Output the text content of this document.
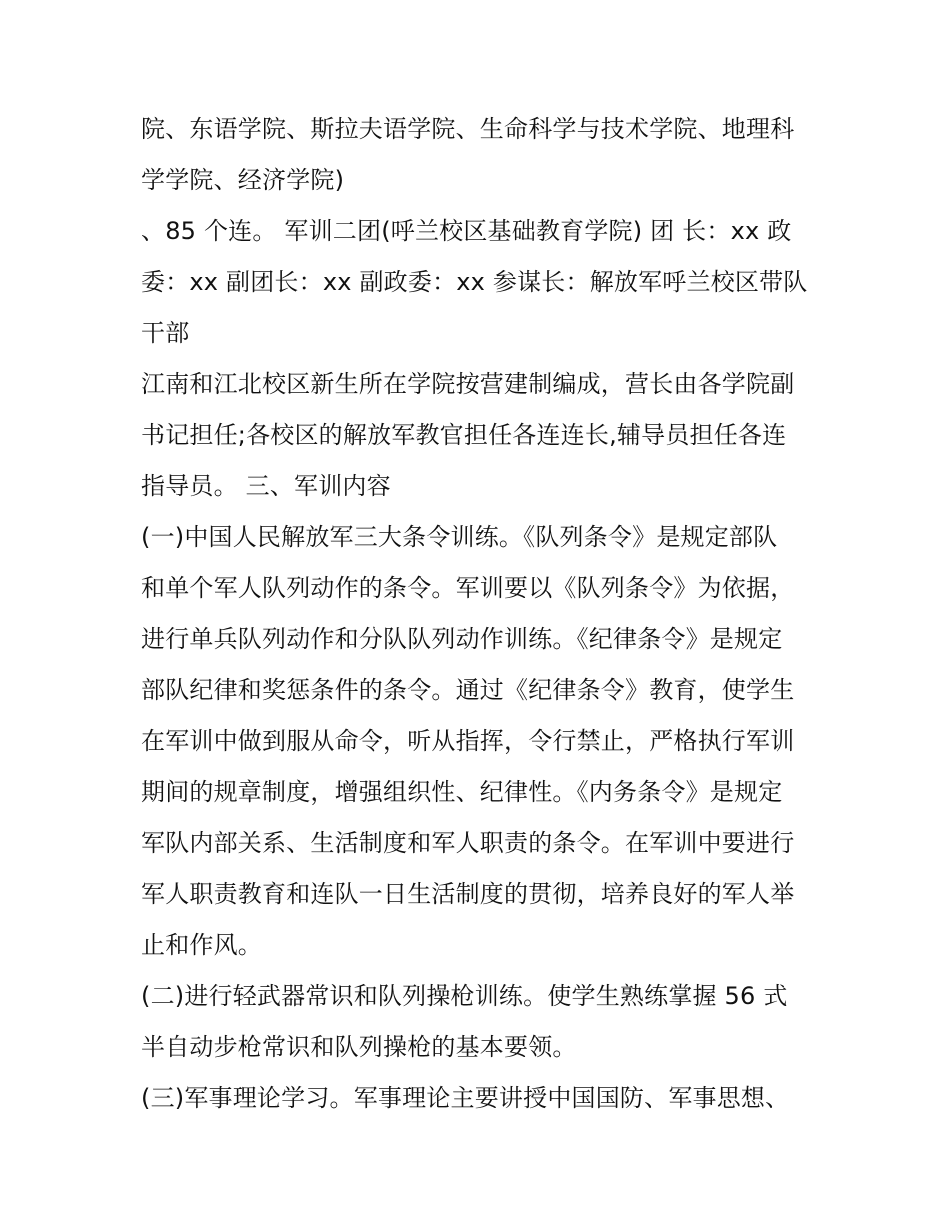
院、东语学院、斯拉夫语学院、生命科学与技术学院、地理科
学学院、经济学院)
、85 个连。 军训二团(呼兰校区基础教育学院) 团 长：xx 政
委：xx 副团长：xx 副政委：xx 参谋长：解放军呼兰校区带队
干部
江南和江北校区新生所在学院按营建制编成，营长由各学院副
书记担任;各校区的解放军教官担任各连连长,辅导员担任各连
指导员。 三、军训内容
(一)中国人民解放军三大条令训练。《队列条令》是规定部队
和单个军人队列动作的条令。军训要以《队列条令》为依据，
进行单兵队列动作和分队队列动作训练。《纪律条令》是规定
部队纪律和奖惩条件的条令。通过《纪律条令》教育，使学生
在军训中做到服从命令，听从指挥，令行禁止，严格执行军训
期间的规章制度，增强组织性、纪律性。《内务条令》是规定
军队内部关系、生活制度和军人职责的条令。在军训中要进行
军人职责教育和连队一日生活制度的贯彻，培养良好的军人举
止和作风。
(二)进行轻武器常识和队列操枪训练。使学生熟练掌握 56 式
半自动步枪常识和队列操枪的基本要领。
(三)军事理论学习。军事理论主要讲授中国国防、军事思想、
